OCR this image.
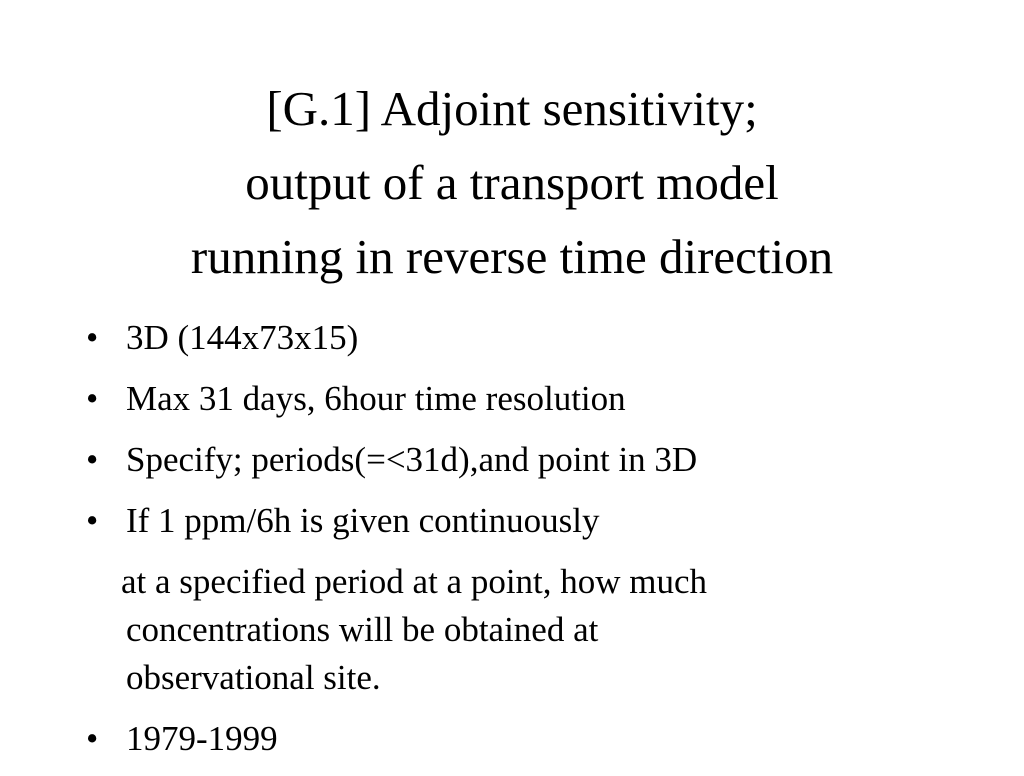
[G.1] Adjoint sensitivity;
output of a transport model
running in reverse time direction
• 3D (144x73x15)
• Max 31 days, 6hour time resolution
• Specify; periods(=<31d),and point in 3D
• If 1 ppm/6h is given continuously
at a specified period at a point, how much
concentrations will be obtained at
observational site.
• 1979-1999
